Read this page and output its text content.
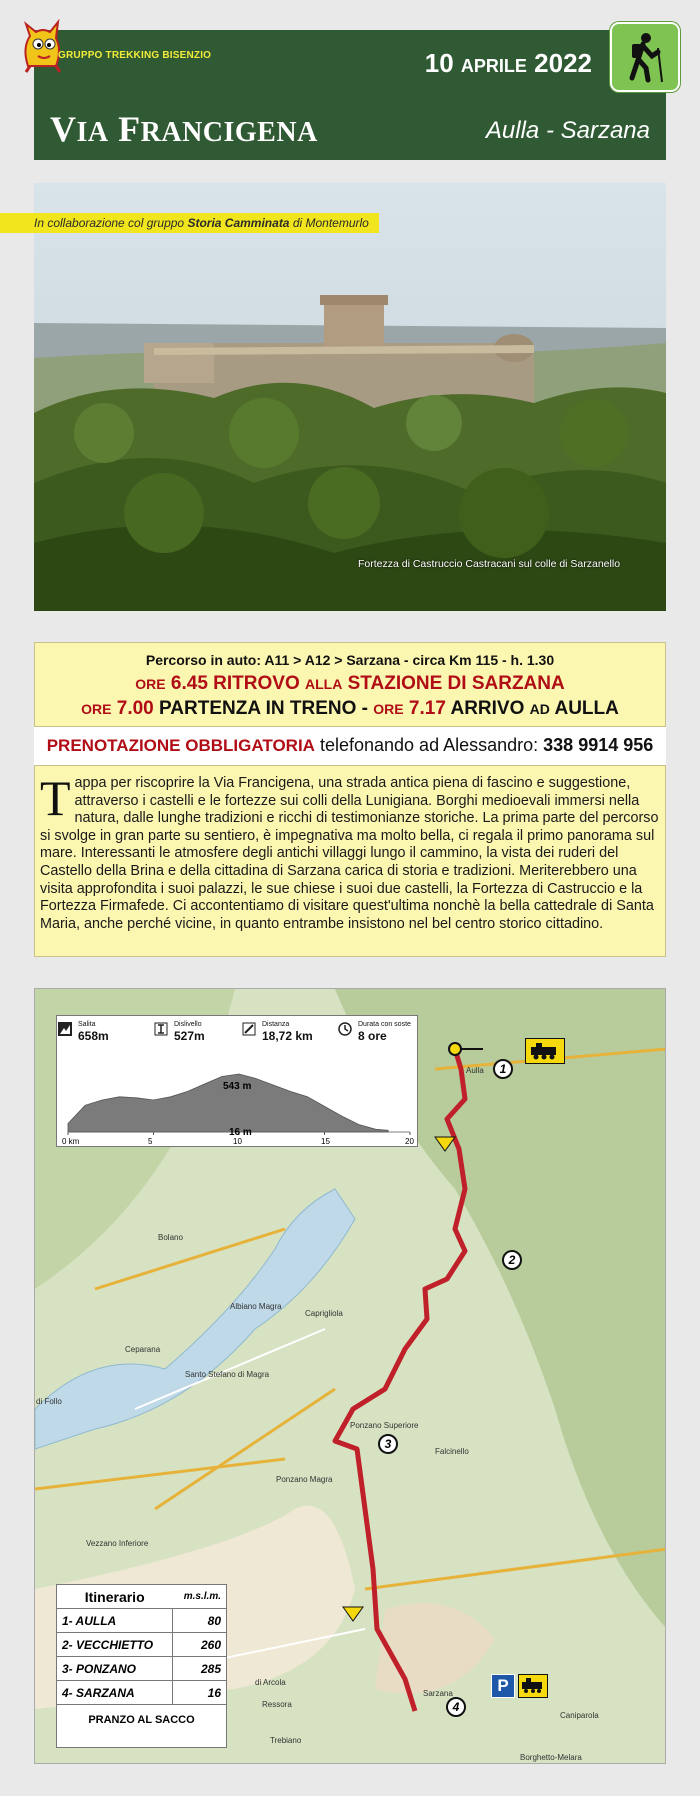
GRUPPO TREKKING BISENZIO	10 APRILE 2022
VIA FRANCIGENA	Aulla - Sarzana
In collaborazione col gruppo Storia Camminata di Montemurlo
Fortezza di Castruccio Castracani sul colle di Sarzanello
Percorso in auto: A11 > A12 > Sarzana - circa Km 115 - h. 1.30
ORE 6.45 RITROVO ALLA STAZIONE DI SARZANA
ORE 7.00 PARTENZA IN TRENO - ORE 7.17 ARRIVO AD AULLA
PRENOTAZIONE OBBLIGATORIA telefonando ad Alessandro: 338 9914 956
Tappa per riscoprire la Via Francigena, una strada antica piena di fascino e suggestione, attraverso i castelli e le fortezze sui colli della Lunigiana. Borghi medioevali immersi nella natura, dalle lunghe tradizioni e ricchi di testimonianze storiche. La prima parte del percorso si svolge in gran parte su sentiero, è impegnativa ma molto bella, ci regala il primo panorama sul mare. Interessanti le atmosfere degli antichi villaggi lungo il cammino, la vista dei ruderi del Castello della Brina e della cittadina di Sarzana carica di storia e tradizioni. Meriterebbero una visita approfondita i suoi palazzi, le sue chiese i suoi due castelli, la Fortezza di Castruccio e la Fortezza Firmafede. Ci accontentiamo di visitare quest'ultima nonchè la bella cattedrale di Santa Maria, anche perché vicine, in quanto entrambe insistono nel bel centro storico cittadino.
Aulla
Bolano
Albiano Magra
Caprigliola
Ceparana
Santo Stefano di Magra
Ponzano Superiore
Falcinello
Ponzano Magra
Vezzano Inferiore
Sarzana
Caniparola
Ressora
Trebiano
Borghetto-Melara
di Arcola
di Follo
1
2
3
4
P
Salita
658m
Dislivello
527m
Distanza
18,72 km
Durata con soste
8 ore
543 m
16 m
0 km	5	10	15	20
Itinerario	m.s.l.m.
1- AULLA	80
2- VECCHIETTO	260
3- PONZANO	285
4- SARZANA	16
PRANZO AL SACCO	
